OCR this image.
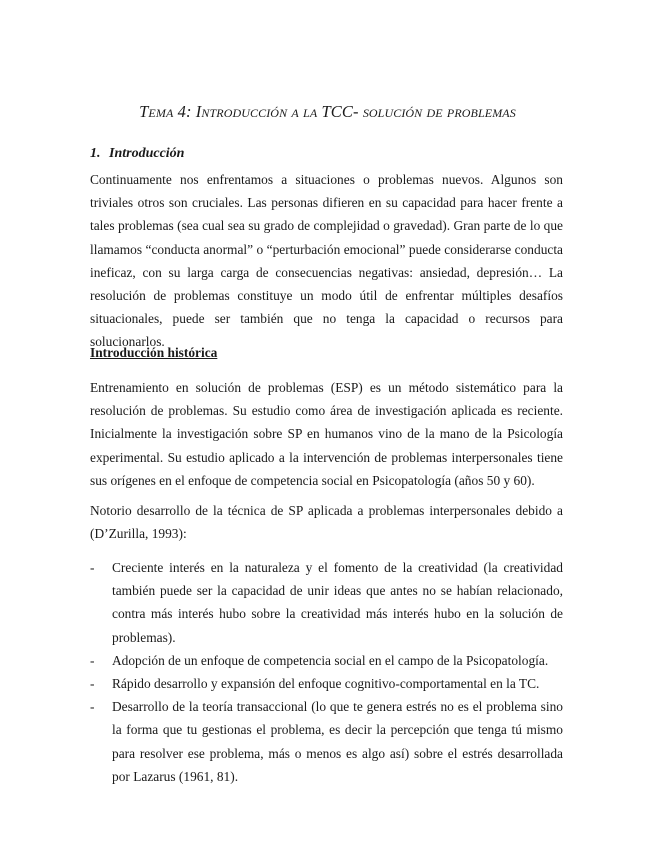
Tema 4: Introducción a la TCC- solución de problemas
1. Introducción

Continuamente nos enfrentamos a situaciones o problemas nuevos. Algunos son triviales otros son cruciales. Las personas difieren en su capacidad para hacer frente a tales problemas (sea cual sea su grado de complejidad o gravedad). Gran parte de lo que llamamos “conducta anormal” o “perturbación emocional” puede considerarse conducta ineficaz, con su larga carga de consecuencias negativas: ansiedad, depresión… La resolución de problemas constituye un modo útil de enfrentar múltiples desafíos situacionales, puede ser también que no tenga la capacidad o recursos para solucionarlos.

Introducción histórica

Entrenamiento en solución de problemas (ESP) es un método sistemático para la resolución de problemas. Su estudio como área de investigación aplicada es reciente. Inicialmente la investigación sobre SP en humanos vino de la mano de la Psicología experimental. Su estudio aplicado a la intervención de problemas interpersonales tiene sus orígenes en el enfoque de competencia social en Psicopatología (años 50 y 60).

Notorio desarrollo de la técnica de SP aplicada a problemas interpersonales debido a (D’Zurilla, 1993):

- Creciente interés en la naturaleza y el fomento de la creatividad (la creatividad también puede ser la capacidad de unir ideas que antes no se habían relacionado, contra más interés hubo sobre la creatividad más interés hubo en la solución de problemas).
- Adopción de un enfoque de competencia social en el campo de la Psicopatología.
- Rápido desarrollo y expansión del enfoque cognitivo-comportamental en la TC.
- Desarrollo de la teoría transaccional (lo que te genera estrés no es el problema sino la forma que tu gestionas el problema, es decir la percepción que tenga tú mismo para resolver ese problema, más o menos es algo así) sobre el estrés desarrollada por Lazarus (1961, 81).
